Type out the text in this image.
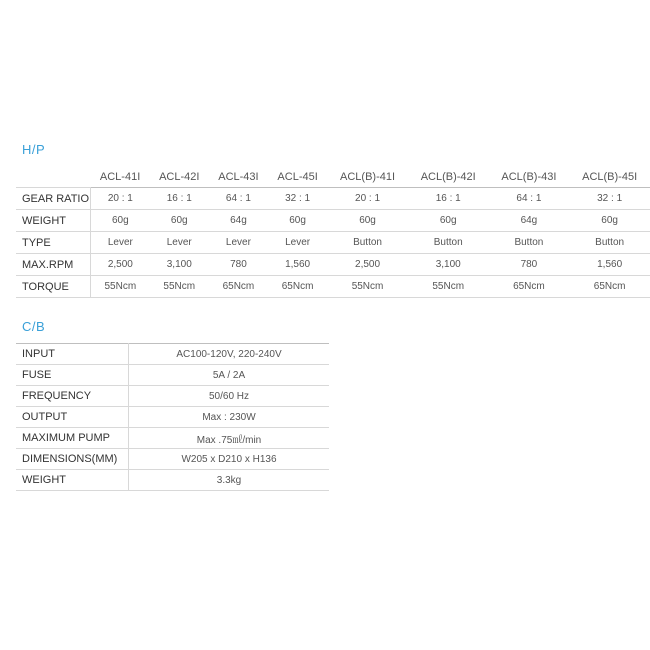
H/P
	ACL-41I	ACL-42I	ACL-43I	ACL-45I	ACL(B)-41I	ACL(B)-42I	ACL(B)-43I	ACL(B)-45I
GEAR RATIO	20 : 1	16 : 1	64 : 1	32 : 1	20 : 1	16 : 1	64 : 1	32 : 1
WEIGHT	60g	60g	64g	60g	60g	60g	64g	60g
TYPE	Lever	Lever	Lever	Lever	Button	Button	Button	Button
MAX.RPM	2,500	3,100	780	1,560	2,500	3,100	780	1,560
TORQUE	55Ncm	55Ncm	65Ncm	65Ncm	55Ncm	55Ncm	65Ncm	65Ncm
C/B
INPUT	AC100-120V, 220-240V
FUSE	5A / 2A
FREQUENCY	50/60 Hz
OUTPUT	Max : 230W
MAXIMUM PUMP	Max .75㎖/min
DIMENSIONS(MM)	W205 x D210 x H136
WEIGHT	3.3kg
